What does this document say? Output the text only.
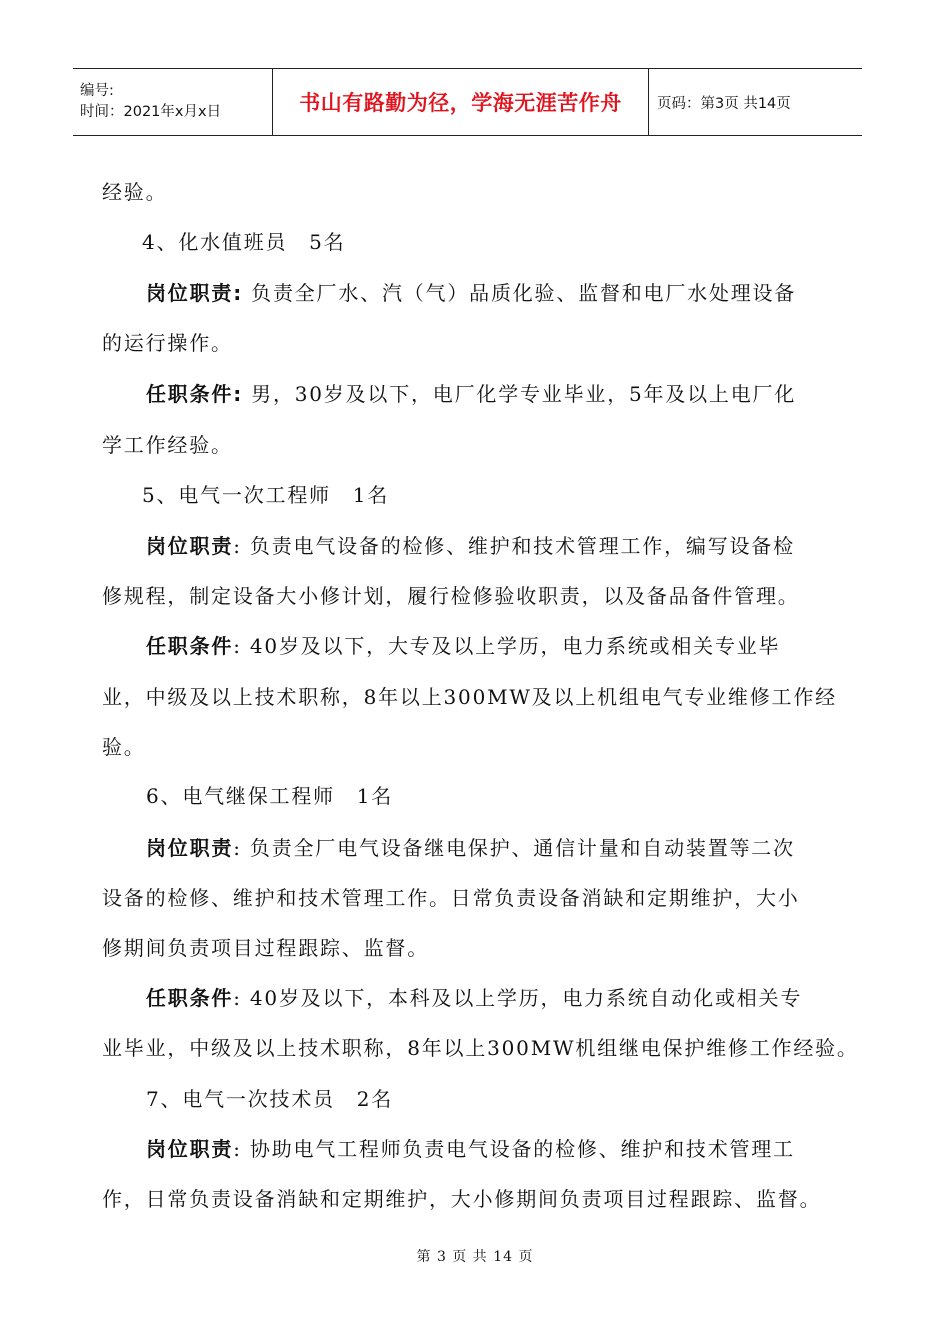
编号:
时间：2021年x月x日	书山有路勤为径，学海无涯苦作舟 页码：第3页 共14页
经验。
4、化水值班员　5名
岗位职责: 负责全厂水、汽（气）品质化验、监督和电厂水处理设备
的运行操作。
任职条件: 男，30岁及以下，电厂化学专业毕业，5年及以上电厂化
学工作经验。
5、电气一次工程师　1名
岗位职责: 负责电气设备的检修、维护和技术管理工作，编写设备检
修规程，制定设备大小修计划，履行检修验收职责，以及备品备件管理。
任职条件: 40岁及以下，大专及以上学历，电力系统或相关专业毕
业，中级及以上技术职称，8年以上300MW及以上机组电气专业维修工作经
验。
6、电气继保工程师　1名
岗位职责: 负责全厂电气设备继电保护、通信计量和自动装置等二次
设备的检修、维护和技术管理工作。日常负责设备消缺和定期维护，大小
修期间负责项目过程跟踪、监督。
任职条件: 40岁及以下，本科及以上学历，电力系统自动化或相关专
业毕业，中级及以上技术职称，8年以上300MW机组继电保护维修工作经验。
7、电气一次技术员　2名
岗位职责: 协助电气工程师负责电气设备的检修、维护和技术管理工
作，日常负责设备消缺和定期维护，大小修期间负责项目过程跟踪、监督。
第 3 页 共 14 页
